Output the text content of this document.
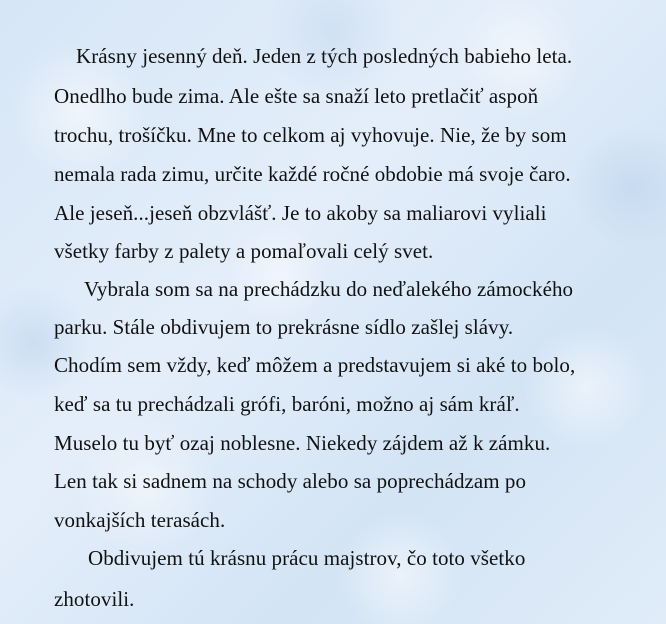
Krásny jesenný deň. Jeden z tých posledných babieho leta.
Onedlho bude zima. Ale ešte sa snaží leto pretlačiť aspoň
trochu, trošíčku. Mne to celkom aj vyhovuje. Nie, že by som
nemala rada zimu, určite každé ročné obdobie má svoje čaro.
Ale jeseň...jeseň obzvlášť. Je to akoby sa maliarovi vyliali
všetky farby z palety a pomaľovali celý svet.
Vybrala som sa na prechádzku do neďalekého zámockého
parku. Stále obdivujem to prekrásne sídlo zašlej slávy.
Chodím sem vždy, keď môžem a predstavujem si aké to bolo,
keď sa tu prechádzali grófi, baróni, možno aj sám kráľ.
Muselo tu byť ozaj noblesne. Niekedy zájdem až k zámku.
Len tak si sadnem na schody alebo sa poprechádzam po
vonkajších terasách.
Obdivujem tú krásnu prácu majstrov, čo toto všetko
zhotovili.
